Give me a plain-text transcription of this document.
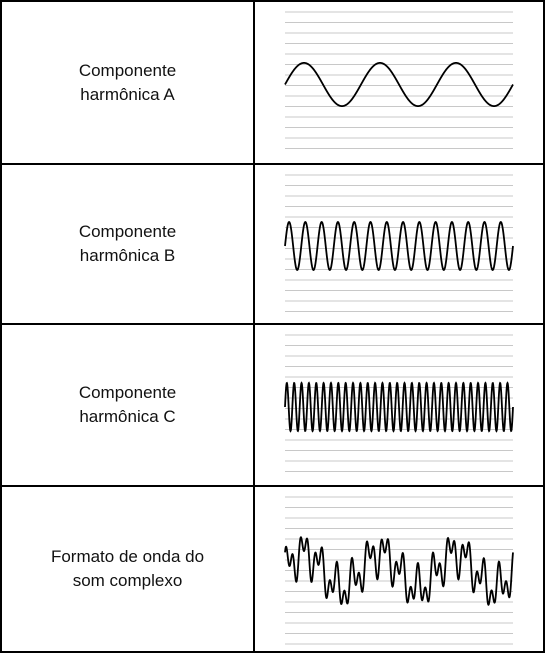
Componente
harmônica A
Componente
harmônica B
Componente
harmônica C
Formato de onda do
som complexo
